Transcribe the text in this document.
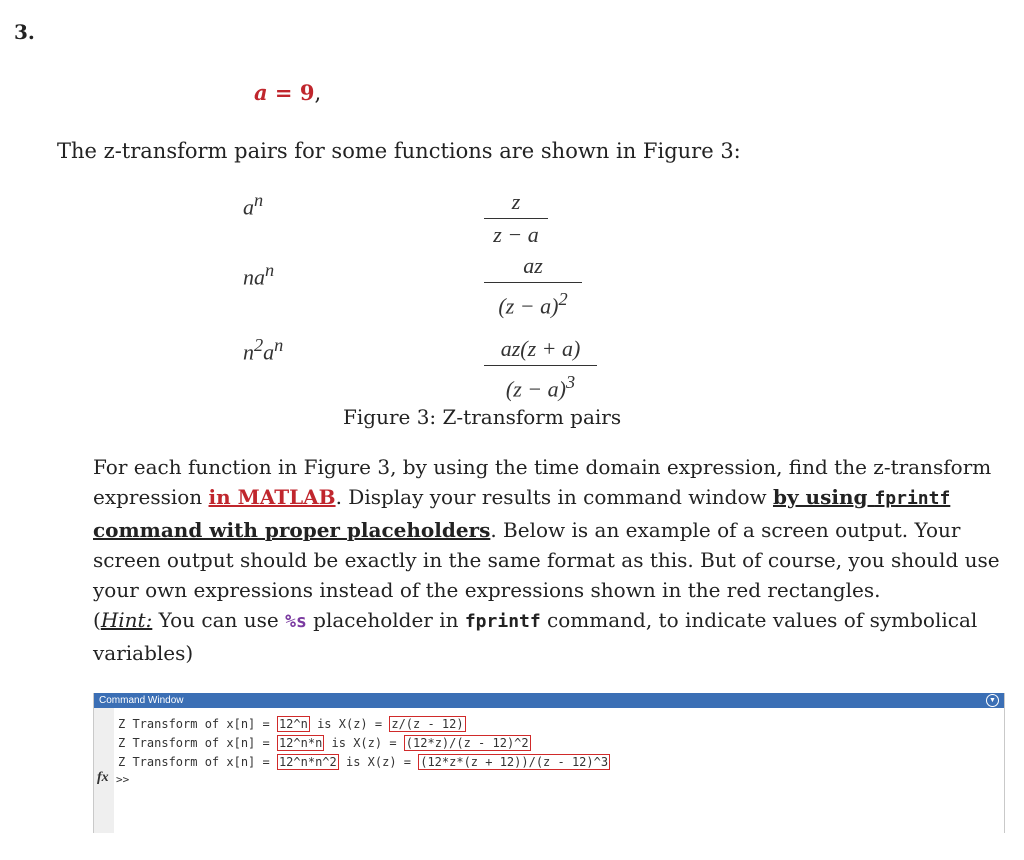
3.
a = 9,
The z-transform pairs for some functions are shown in Figure 3:
$a^n$	z
z − a
$na^n$	az
$(z - a)^2$
$n^2a^n$	az(z + a)
$(z - a)^3$
Figure 3: Z-transform pairs
For each function in Figure 3, by using the time domain expression, find the z-transform
expression in MATLAB. Display your results in command window by using fprintf
command with proper placeholders. Below is an example of a screen output. Your
screen output should be exactly in the same format as this. But of course, you should use
your own expressions instead of the expressions shown in the red rectangles.
(Hint: You can use %s placeholder in fprintf command, to indicate values of symbolical
variables)
Command Window	▼
Z Transform of x[n] = 12^n is X(z) = z/(z - 12)
Z Transform of x[n] = 12^n*n is X(z) = (12*z)/(z - 12)^2
Z Transform of x[n] = 12^n*n^2 is X(z) = (12*z*(z + 12))/(z - 12)^3
fx >>
